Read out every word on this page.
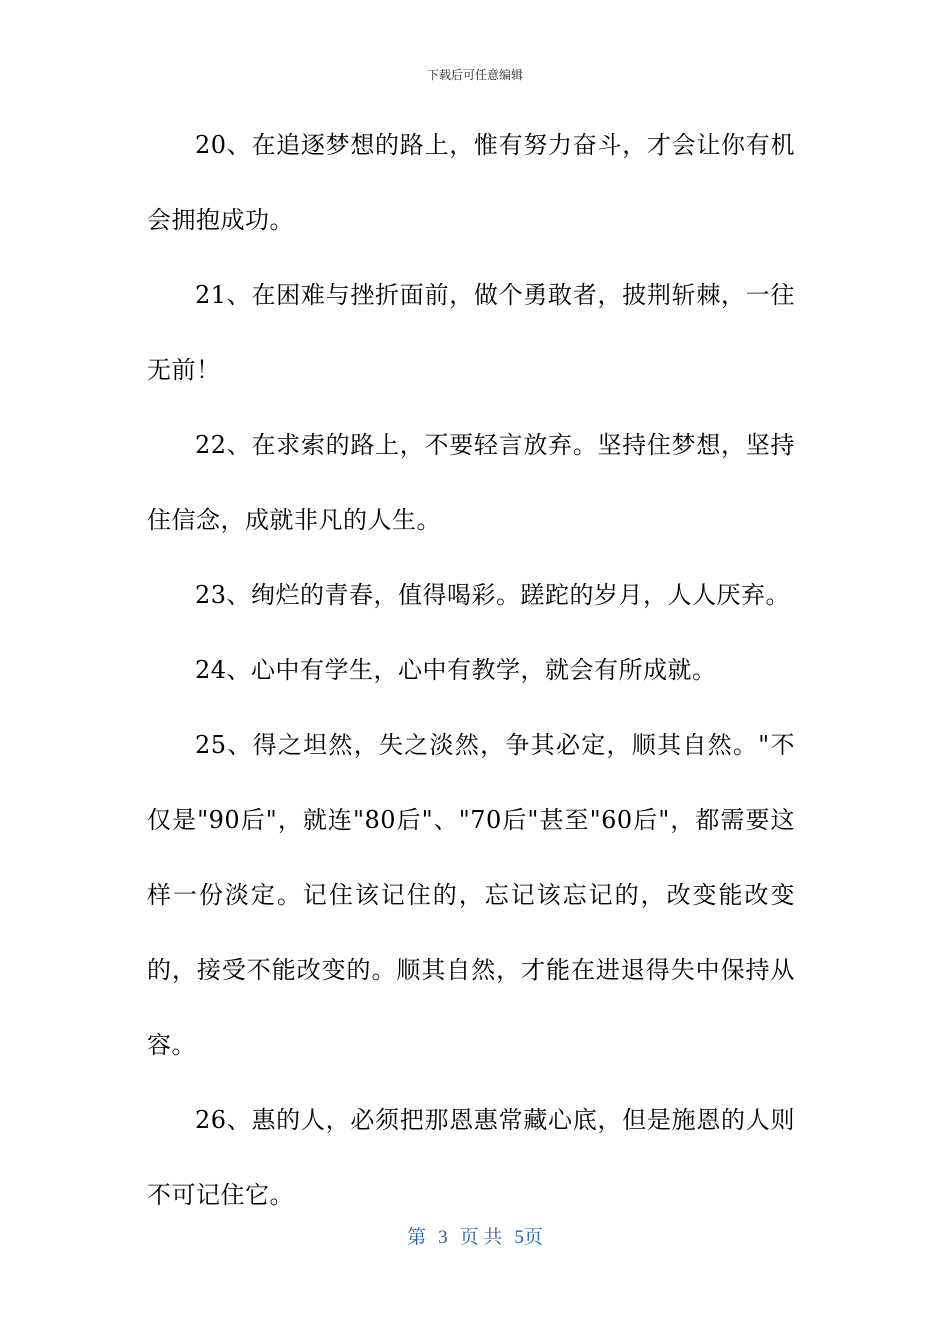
下载后可任意编辑

20、在追逐梦想的路上，惟有努力奋斗，才会让你有机会拥抱成功。

21、在困难与挫折面前，做个勇敢者，披荆斩棘，一往无前！

22、在求索的路上，不要轻言放弃。坚持住梦想，坚持住信念，成就非凡的人生。

23、绚烂的青春，值得喝彩。蹉跎的岁月，人人厌弃。

24、心中有学生，心中有教学，就会有所成就。

25、得之坦然，失之淡然，争其必定，顺其自然。"不仅是"90后"，就连"80后"、"70后"甚至"60后"，都需要这样一份淡定。记住该记住的，忘记该忘记的，改变能改变的，接受不能改变的。顺其自然，才能在进退得失中保持从容。

26、惠的人，必须把那恩惠常藏心底，但是施恩的人则不可记住它。

第 3 页 共 5页
